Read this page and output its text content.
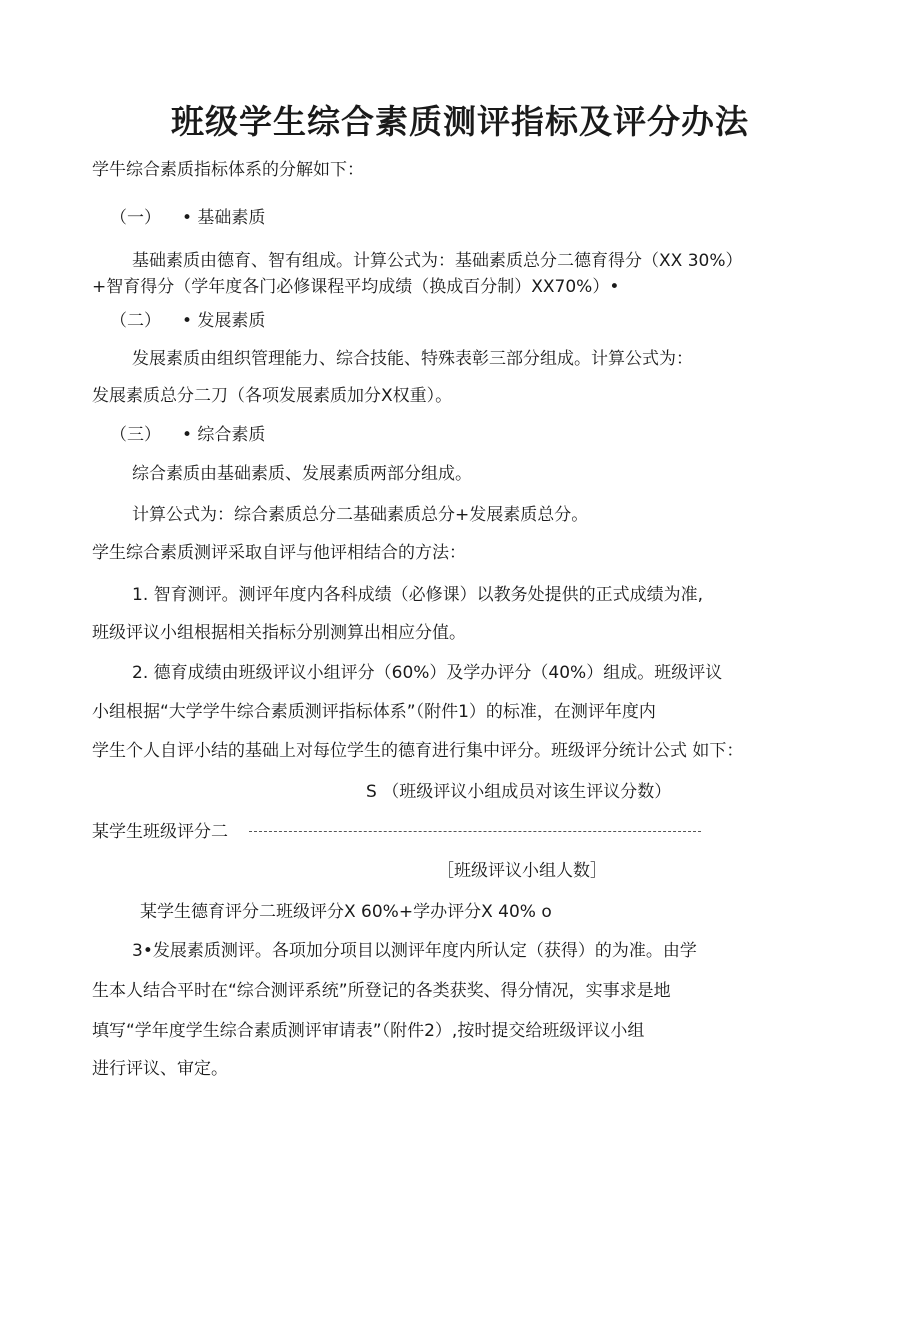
班级学生综合素质测评指标及评分办法
学牛综合素质指标体系的分解如下：
（一） • 基础素质
基础素质由德育、智有组成。计算公式为：基础素质总分二德育得分（XX 30%）
+智育得分（学年度各门必修课程平均成绩（换成百分制）XX70%）•
（二） • 发展素质
发展素质由组织管理能力、综合技能、特殊表彰三部分组成。计算公式为：
发展素质总分二刀（各项发展素质加分X权重）。
（三） • 综合素质
综合素质由基础素质、发展素质两部分组成。
计算公式为：综合素质总分二基础素质总分+发展素质总分。
学生综合素质测评采取自评与他评相结合的方法：
1. 智育测评。测评年度内各科成绩（必修课）以教务处提供的正式成绩为准,
班级评议小组根据相关指标分别测算出相应分值。
2. 德育成绩由班级评议小组评分（60%）及学办评分（40%）组成。班级评议
小组根据“大学学牛综合素质测评指标体系”（附件1）的标准，在测评年度内
学生个人自评小结的基础上对每位学生的德育进行集中评分。班级评分统计公式 如下：
S （班级评议小组成员对该生评议分数）
某学生班级评分二
［班级评议小组人数］
某学生德育评分二班级评分X 60%+学办评分X 40% o
3•发展素质测评。各项加分项目以测评年度内所认定（获得）的为准。由学
生本人结合平时在“综合测评系统”所登记的各类获奖、得分情况，实事求是地
填写“学年度学生综合素质测评审请表”（附件2）,按时提交给班级评议小组
进行评议、审定。
